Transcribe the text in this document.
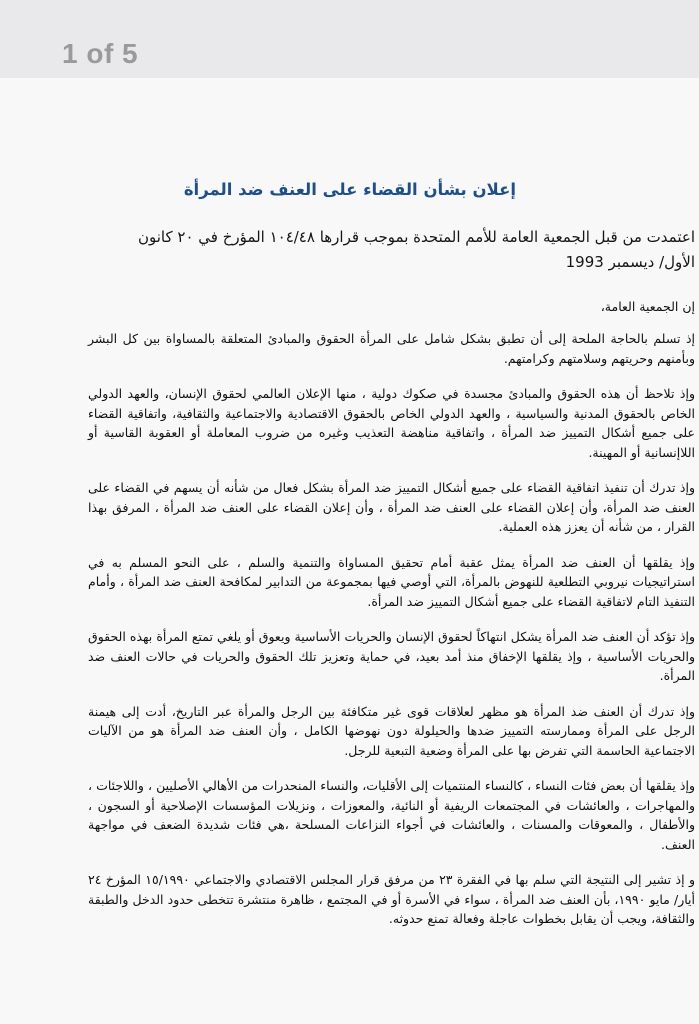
1 of 5
إعلان بشأن القضاء على العنف ضد المرأة
اعتمدت من قبل الجمعية العامة للأمم المتحدة بموجب قرارها ١٠٤/٤٨ المؤرخ في ٢٠ كانون
الأول/ ديسمبر 1993
إن الجمعية العامة،

إذ تسلم بالحاجة الملحة إلى أن تطبق بشكل شامل على المرأة الحقوق والمبادئ المتعلقة بالمساواة بين كل البشر وبأمنهم وحريتهم وسلامتهم وكرامتهم.

وإذ تلاحظ أن هذه الحقوق والمبادئ مجسدة في صكوك دولية ، منها الإعلان العالمي لحقوق الإنسان، والعهد الدولي الخاص بالحقوق المدنية والسياسية ، والعهد الدولي الخاص بالحقوق الاقتصادية والاجتماعية والثقافية، واتفاقية القضاء على جميع أشكال التمييز ضد المرأة ، واتفاقية مناهضة التعذيب وغيره من ضروب المعاملة أو العقوبة القاسية أو اللاإنسانية أو المهينة.

وإذ تدرك أن تنفيذ اتفاقية القضاء على جميع أشكال التمييز ضد المرأة بشكل فعال من شأنه أن يسهم في القضاء على العنف ضد المرأة، وأن إعلان القضاء على العنف ضد المرأة ، وأن إعلان القضاء على العنف ضد المرأة ، المرفق بهذا القرار ، من شأنه أن يعزز هذه العملية.

وإذ يقلقها أن العنف ضد المرأة يمثل عقبة أمام تحقيق المساواة والتنمية والسلم ، على النحو المسلم به في استراتيجيات نيروبي التطلعية للنهوض بالمرأة، التي أوصي فيها بمجموعة من التدابير لمكافحة العنف ضد المرأة ، وأمام التنفيذ التام لاتفاقية القضاء على جميع أشكال التمييز ضد المرأة.

وإذ تؤكد أن العنف ضد المرأة يشكل انتهاكاً لحقوق الإنسان والحريات الأساسية ويعوق أو يلغي تمتع المرأة بهذه الحقوق والحريات الأساسية ، وإذ يقلقها الإخفاق منذ أمد بعيد، في حماية وتعزيز تلك الحقوق والحريات في حالات العنف ضد المرأة.

وإذ تدرك أن العنف ضد المرأة هو مظهر لعلاقات قوى غير متكافئة بين الرجل والمرأة عبر التاريخ، أدت إلى هيمنة الرجل على المرأة وممارسته التمييز ضدها والحيلولة دون نهوضها الكامل ، وأن العنف ضد المرأة هو من الآليات الاجتماعية الحاسمة التي تفرض بها على المرأة وضعية التبعية للرجل.

وإذ يقلقها أن بعض فئات النساء ، كالنساء المنتميات إلى الأقليات، والنساء المنحدرات من الأهالي الأصليين ، واللاجئات ، والمهاجرات ، والعائشات في المجتمعات الريفية أو النائية، والمعوزات ، ونزيلات المؤسسات الإصلاحية أو السجون ، والأطفال ، والمعوقات والمسنات ، والعائشات في أجواء النزاعات المسلحة ،هي فئات شديدة الضعف في مواجهة العنف.

و إذ تشير إلى النتيجة التي سلم بها في الفقرة ٢٣ من مرفق قرار المجلس الاقتصادي والاجتماعي ١٥/١٩٩٠ المؤرخ ٢٤ أيار/ مايو ١٩٩٠، بأن العنف ضد المرأة ، سواء في الأسرة أو في المجتمع ، ظاهرة منتشرة تتخطى حدود الدخل والطبقة والثقافة، ويجب أن يقابل بخطوات عاجلة وفعالة تمنع حدوثه.
